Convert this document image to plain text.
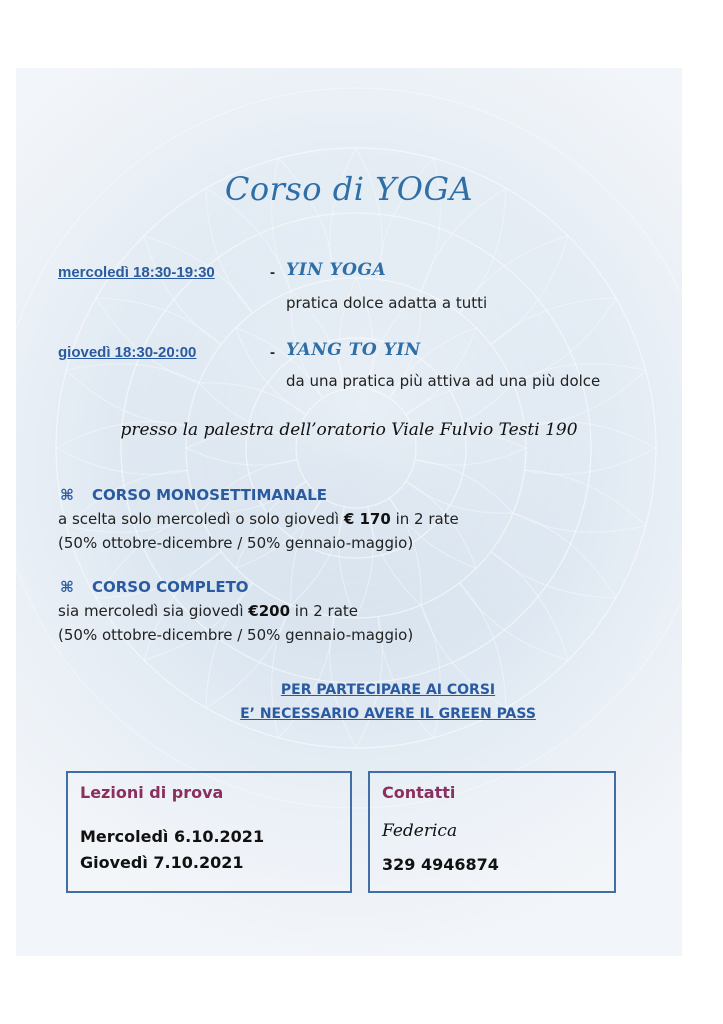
Corso di YOGA
mercoledì 18:30-19:30	- YIN YOGA
pratica dolce adatta a tutti
giovedì 18:30-20:00	- YANG TO YIN
da una pratica più attiva ad una più dolce
presso la palestra dell’oratorio Viale Fulvio Testi 190
⌘ CORSO MONOSETTIMANALE
a scelta solo mercoledì o solo giovedì € 170 in 2 rate
(50% ottobre-dicembre / 50% gennaio-maggio)
⌘ CORSO COMPLETO
sia mercoledì sia giovedì €200 in 2 rate
(50% ottobre-dicembre / 50% gennaio-maggio)
PER PARTECIPARE AI CORSI
E’ NECESSARIO AVERE IL GREEN PASS
Lezioni di prova
Mercoledì 6.10.2021
Giovedì 7.10.2021
Contatti
Federica
329 4946874
